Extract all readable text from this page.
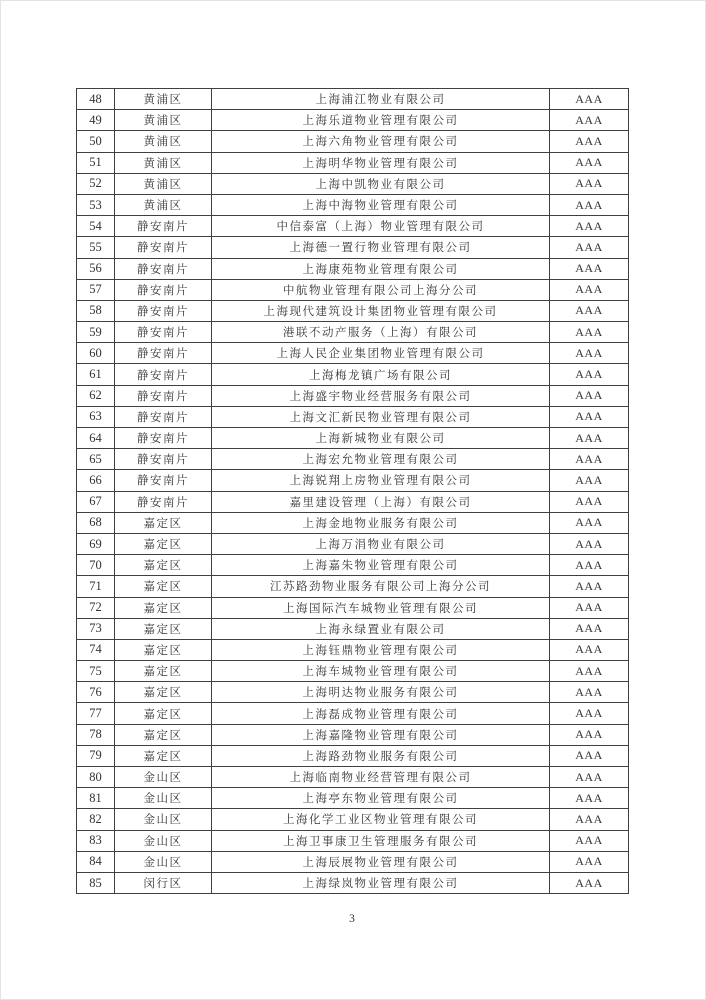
48	黄浦区	上海浦江物业有限公司	AAA
49	黄浦区	上海乐道物业管理有限公司	AAA
50	黄浦区	上海六角物业管理有限公司	AAA
51	黄浦区	上海明华物业管理有限公司	AAA
52	黄浦区	上海中凯物业有限公司	AAA
53	黄浦区	上海中海物业管理有限公司	AAA
54	静安南片	中信泰富（上海）物业管理有限公司	AAA
55	静安南片	上海德一置行物业管理有限公司	AAA
56	静安南片	上海康苑物业管理有限公司	AAA
57	静安南片	中航物业管理有限公司上海分公司	AAA
58	静安南片	上海现代建筑设计集团物业管理有限公司	AAA
59	静安南片	港联不动产服务（上海）有限公司	AAA
60	静安南片	上海人民企业集团物业管理有限公司	AAA
61	静安南片	上海梅龙镇广场有限公司	AAA
62	静安南片	上海盛宇物业经营服务有限公司	AAA
63	静安南片	上海文汇新民物业管理有限公司	AAA
64	静安南片	上海新城物业有限公司	AAA
65	静安南片	上海宏允物业管理有限公司	AAA
66	静安南片	上海锐翔上房物业管理有限公司	AAA
67	静安南片	嘉里建设管理（上海）有限公司	AAA
68	嘉定区	上海金地物业服务有限公司	AAA
69	嘉定区	上海万涓物业有限公司	AAA
70	嘉定区	上海嘉朱物业管理有限公司	AAA
71	嘉定区	江苏路劲物业服务有限公司上海分公司	AAA
72	嘉定区	上海国际汽车城物业管理有限公司	AAA
73	嘉定区	上海永绿置业有限公司	AAA
74	嘉定区	上海钰鼎物业管理有限公司	AAA
75	嘉定区	上海车城物业管理有限公司	AAA
76	嘉定区	上海明达物业服务有限公司	AAA
77	嘉定区	上海磊成物业管理有限公司	AAA
78	嘉定区	上海嘉隆物业管理有限公司	AAA
79	嘉定区	上海路劲物业服务有限公司	AAA
80	金山区	上海临南物业经营管理有限公司	AAA
81	金山区	上海亭东物业管理有限公司	AAA
82	金山区	上海化学工业区物业管理有限公司	AAA
83	金山区	上海卫事康卫生管理服务有限公司	AAA
84	金山区	上海辰展物业管理有限公司	AAA
85	闵行区	上海绿岚物业管理有限公司	AAA
3
